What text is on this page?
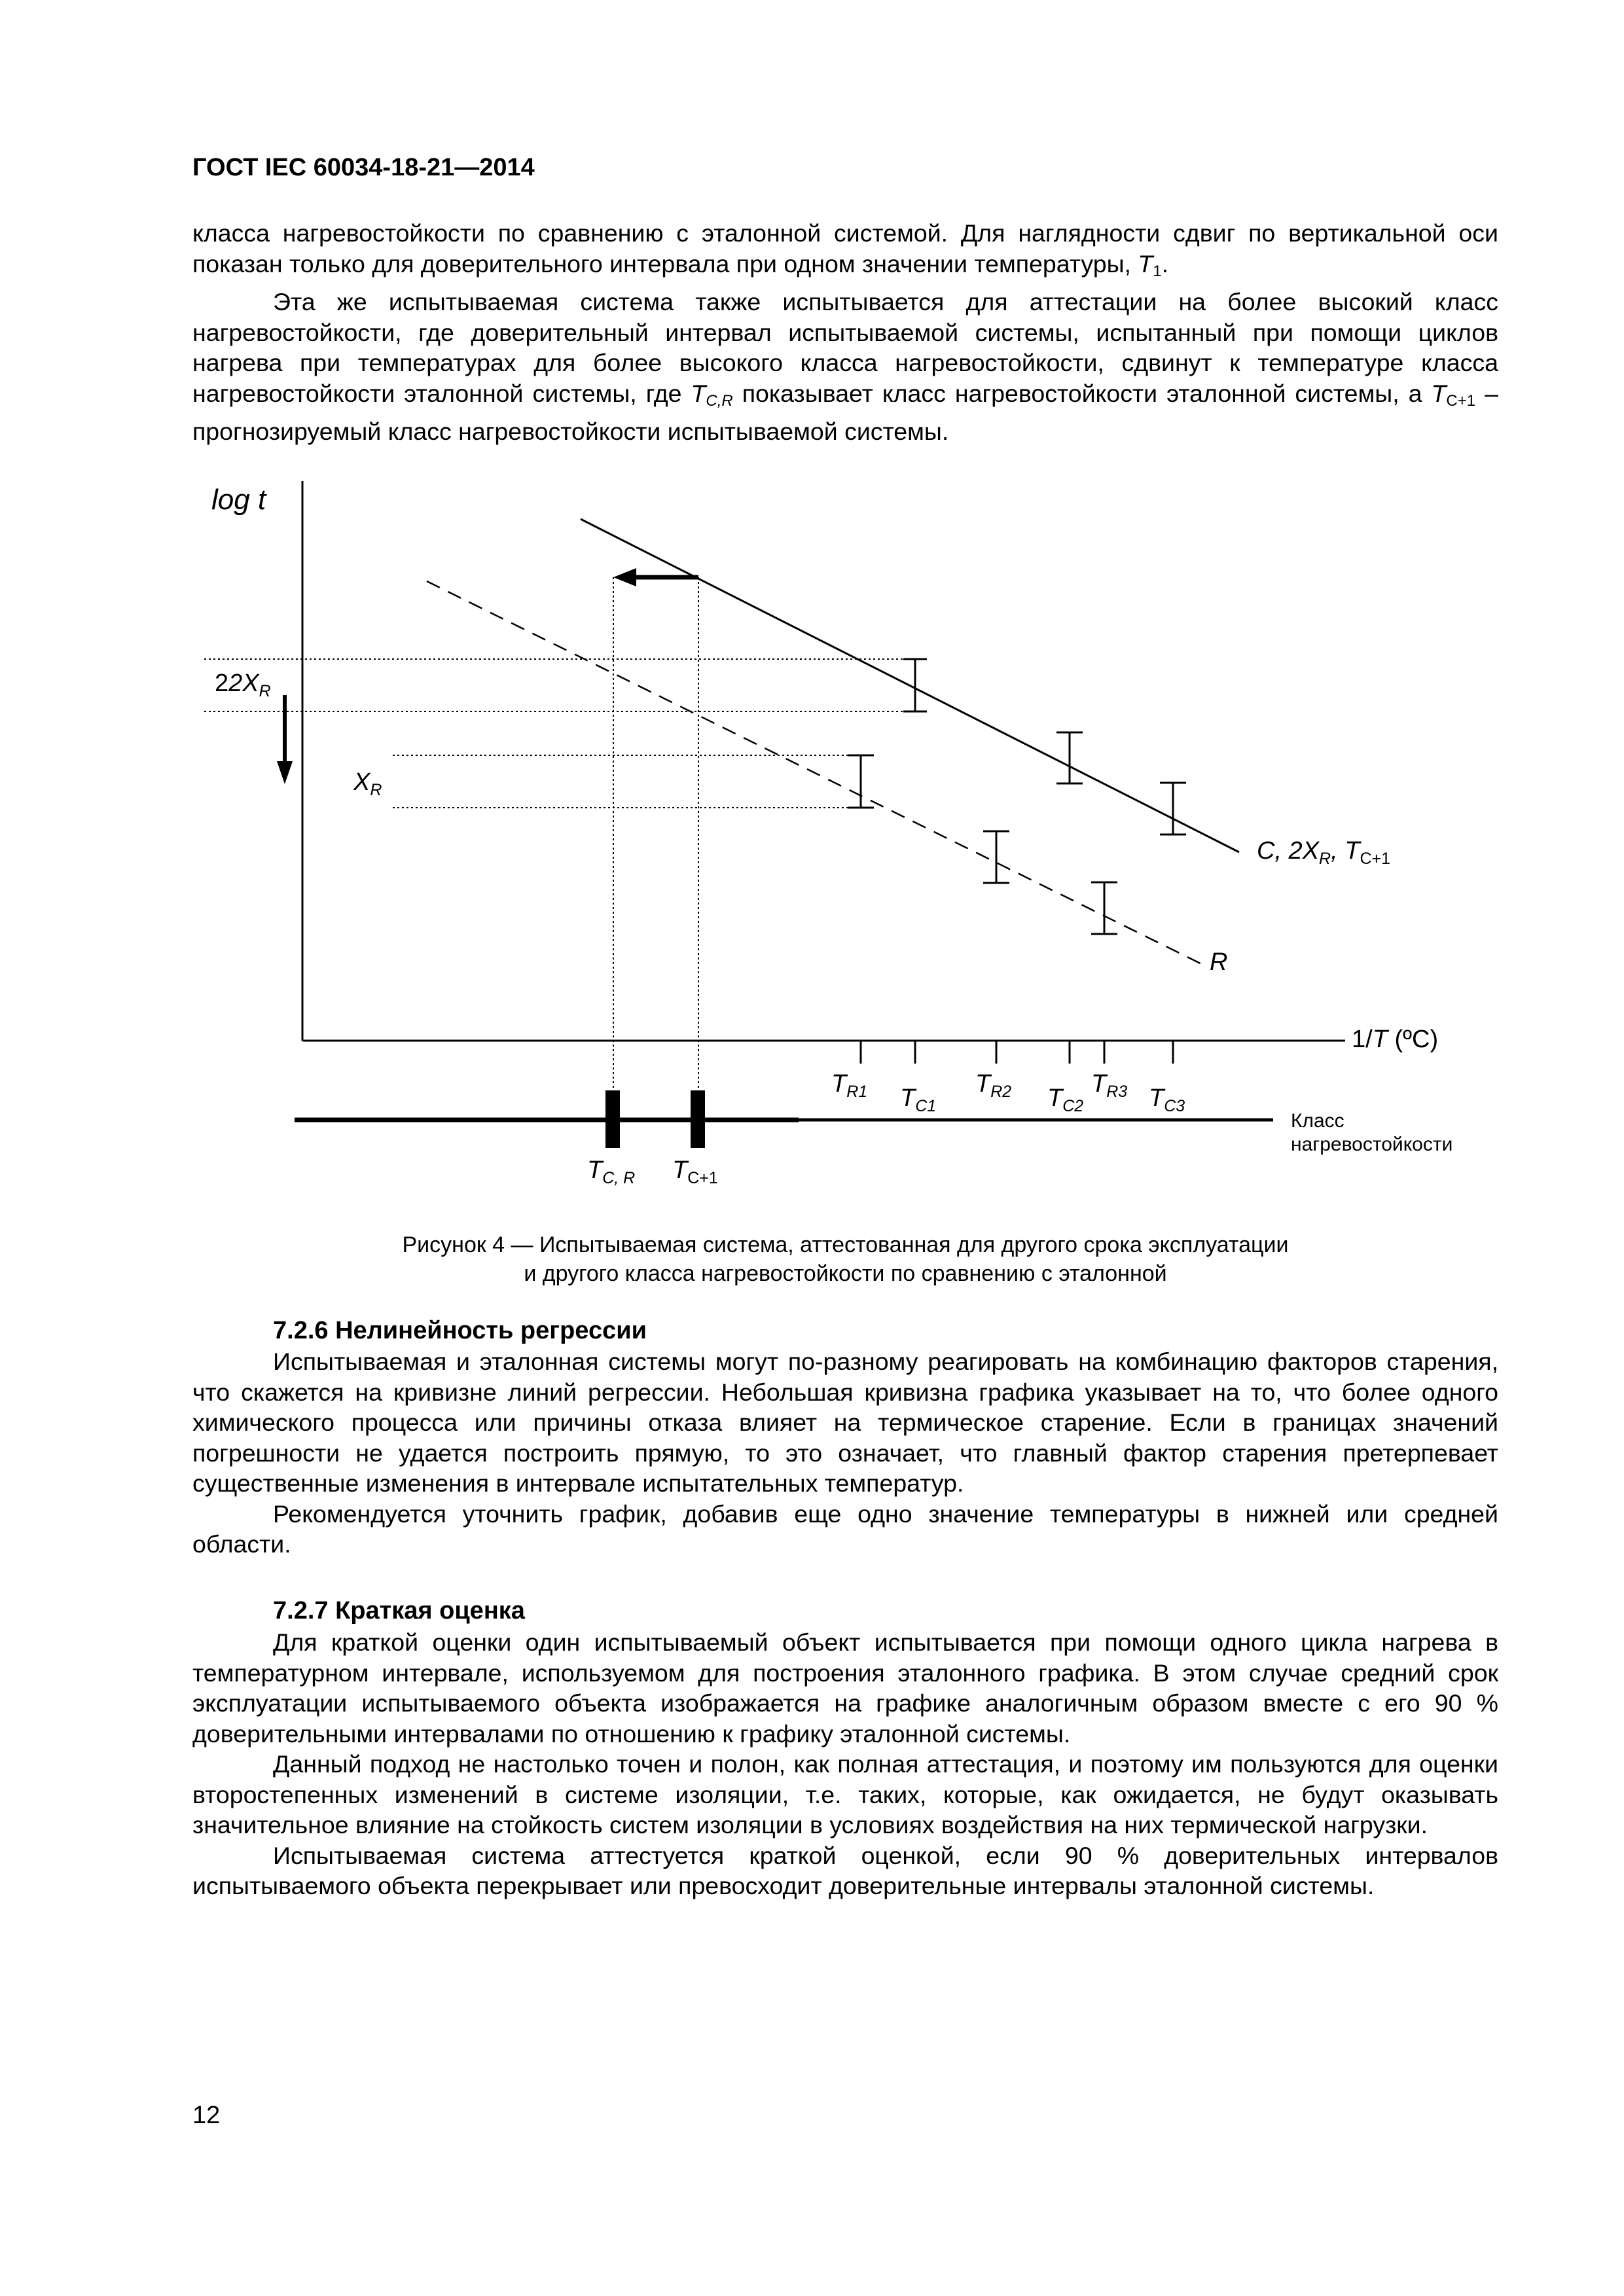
ГОСТ IEC 60034-18-21—2014

класса нагревостойкости по сравнению с эталонной системой. Для наглядности сдвиг по вертикальной оси показан только для доверительного интервала при одном значении температуры, $T_1$.

Эта же испытываемая система также испытывается для аттестации на более высокий класс нагревостойкости, где доверительный интервал испытываемой системы, испытанный при помощи циклов нагрева при температурах для более высокого класса нагревостойкости, сдвинут к температуре класса нагревостойкости эталонной системы, где $T_{C,R}$ показывает класс нагревостойкости эталонной системы, а $T_{C+1}$ – прогнозируемый класс нагревостойкости испытываемой системы.

log t
1/T (ºC)
C, $2X_R$, $T_{C+1}$
R
$22X_R$
$X_R$
$T_{R1}$ $T_{C1}$
$T_{R2}$ $T_{C2}$
$T_{R3}$ $T_{C3}$
$T_{C, R}$ $T_{C+1}$
Класс
нагревостойкости
Рисунок 4 — Испытываемая система, аттестованная для другого срока эксплуатации
и другого класса нагревостойкости по сравнению с эталонной
7.2.6 Нелинейность регрессии

Испытываемая и эталонная системы могут по-разному реагировать на комбинацию факторов старения, что скажется на кривизне линий регрессии. Небольшая кривизна графика указывает на то, что более одного химического процесса или причины отказа влияет на термическое старение. Если в границах значений погрешности не удается построить прямую, то это означает, что главный фактор старения претерпевает существенные изменения в интервале испытательных температур.

Рекомендуется уточнить график, добавив еще одно значение температуры в нижней или средней области.

7.2.7 Краткая оценка

Для краткой оценки один испытываемый объект испытывается при помощи одного цикла нагрева в температурном интервале, используемом для построения эталонного графика. В этом случае средний срок эксплуатации испытываемого объекта изображается на графике аналогичным образом вместе с его 90 % доверительными интервалами по отношению к графику эталонной системы.

Данный подход не настолько точен и полон, как полная аттестация, и поэтому им пользуются для оценки второстепенных изменений в системе изоляции, т.е. таких, которые, как ожидается, не будут оказывать значительное влияние на стойкость систем изоляции в условиях воздействия на них термической нагрузки.

Испытываемая система аттестуется краткой оценкой, если 90 % доверительных интервалов испытываемого объекта перекрывает или превосходит доверительные интервалы эталонной системы.

12
